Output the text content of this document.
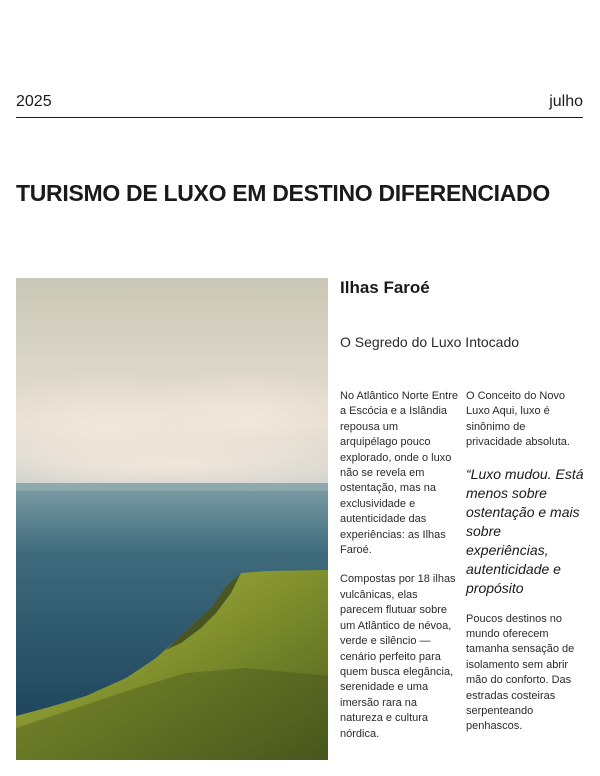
2025	julho
TURISMO DE LUXO EM DESTINO DIFERENCIADO
Ilhas Faroé

O Segredo do Luxo Intocado

No Atlântico Norte Entre a Escócia e a Islândia repousa um arquipélago pouco explorado, onde o luxo não se revela em ostentação, mas na exclusividade e autenticidade das experiências: as Ilhas Faroé.

Compostas por 18 ilhas vulcânicas, elas parecem flutuar sobre um Atlântico de névoa, verde e silêncio — cenário perfeito para quem busca elegância, serenidade e uma imersão rara na natureza e cultura nórdica.

O Conceito do Novo Luxo Aqui, luxo é sinônimo de privacidade absoluta.

“Luxo mudou. Está menos sobre ostentação e mais sobre experiências, autenticidade e propósito

Poucos destinos no mundo oferecem tamanha sensação de isolamento sem abrir mão do conforto. Das estradas costeiras serpenteando penhascos.
